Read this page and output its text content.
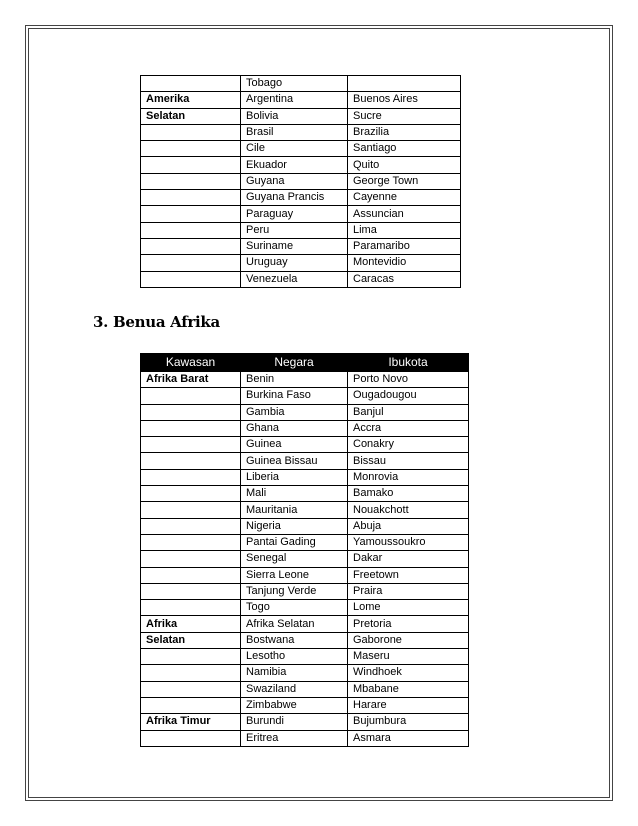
	Tobago	
Amerika	Argentina	Buenos Aires
Selatan	Bolivia	Sucre
	Brasil	Brazilia
	Cile	Santiago
	Ekuador	Quito
	Guyana	George Town
	Guyana Prancis	Cayenne
	Paraguay	Assuncian
	Peru	Lima
	Suriname	Paramaribo
	Uruguay	Montevidio
	Venezuela	Caracas
3. Benua Afrika
Kawasan	Negara	Ibukota
Afrika Barat	Benin	Porto Novo
	Burkina Faso	Ougadougou
	Gambia	Banjul
	Ghana	Accra
	Guinea	Conakry
	Guinea Bissau	Bissau
	Liberia	Monrovia
	Mali	Bamako
	Mauritania	Nouakchott
	Nigeria	Abuja
	Pantai Gading	Yamoussoukro
	Senegal	Dakar
	Sierra Leone	Freetown
	Tanjung Verde	Praira
	Togo	Lome
Afrika	Afrika Selatan	Pretoria
Selatan	Bostwana	Gaborone
	Lesotho	Maseru
	Namibia	Windhoek
	Swaziland	Mbabane
	Zimbabwe	Harare
Afrika Timur	Burundi	Bujumbura
	Eritrea	Asmara
